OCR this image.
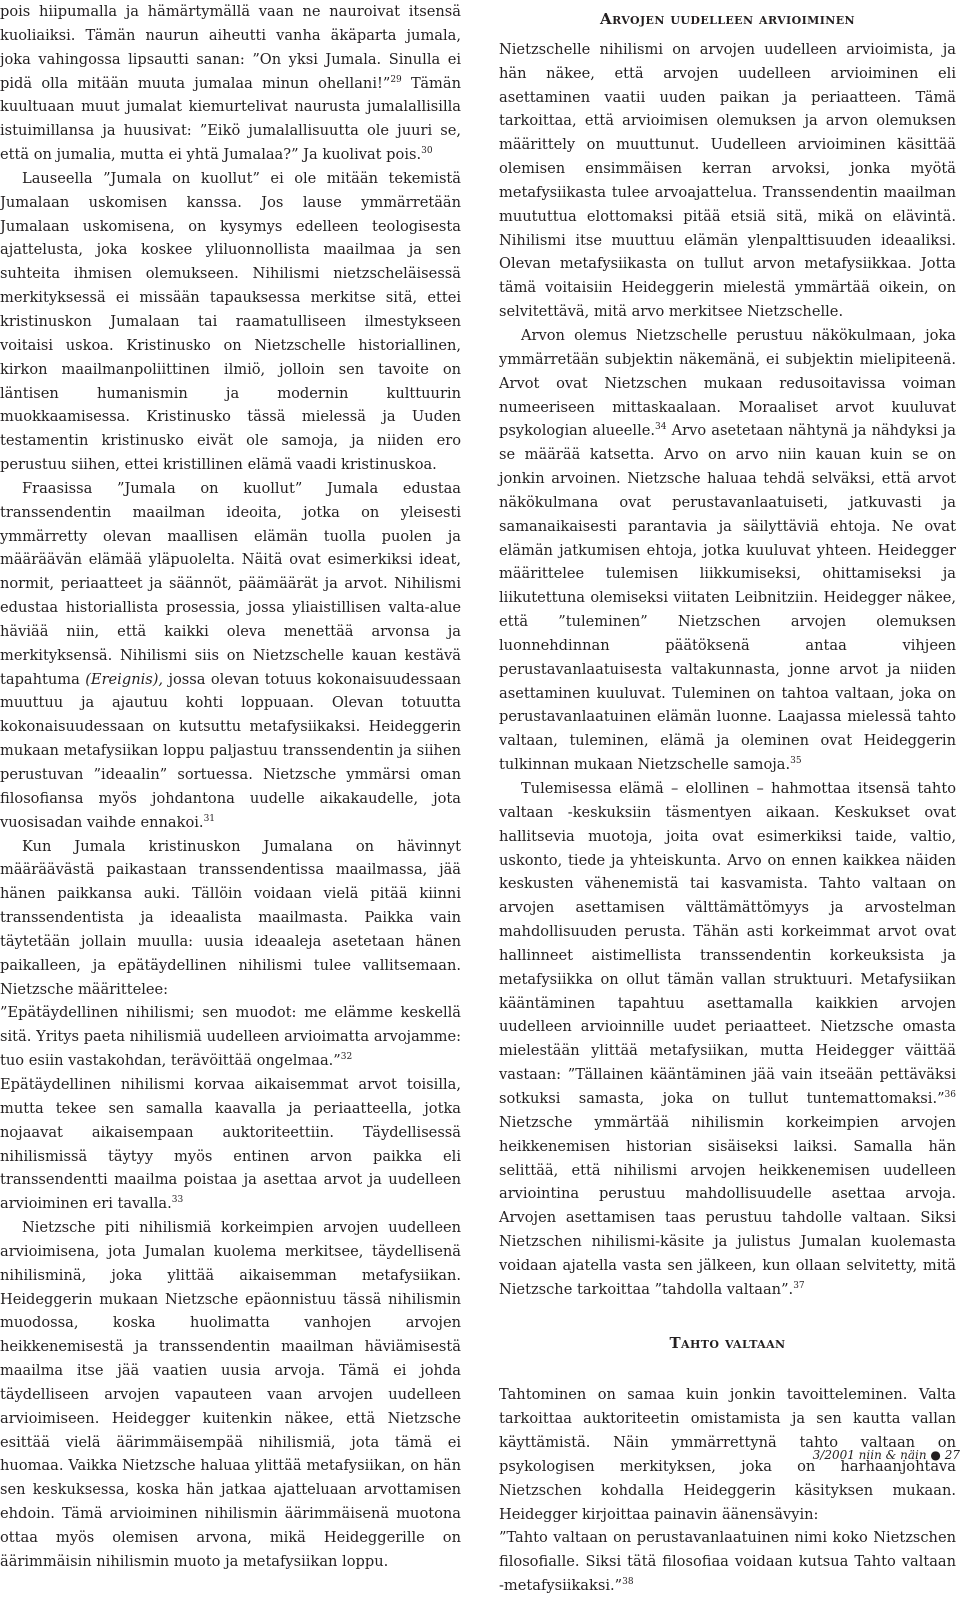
pois hiipumalla ja hämärtymällä vaan ne nauroivat itsensä kuoliaiksi. Tämän naurun aiheutti vanha äkäparta jumala, joka vahingossa lipsautti sanan: ”On yksi Jumala. Sinulla ei pidä olla mitään muuta jumalaa minun ohellani!”$^{29}$ Tämän kuultuaan muut jumalat kiemurtelivat naurusta jumalallisilla istuimillansa ja huusivat: ”Eikö jumalallisuutta ole juuri se, että on jumalia, mutta ei yhtä Jumalaa?” Ja kuolivat pois.$^{30}$

Lauseella ”Jumala on kuollut” ei ole mitään tekemistä Jumalaan uskomisen kanssa. Jos lause ymmärretään Jumalaan uskomisena, on kysymys edelleen teologisesta ajattelusta, joka koskee yliluonnollista maailmaa ja sen suhteita ihmisen olemukseen. Nihilismi nietzscheläisessä merkityksessä ei missään tapauksessa merkitse sitä, ettei kristinuskon Jumalaan tai raamatulliseen ilmestykseen voitaisi uskoa. Kristinusko on Nietzschelle historiallinen, kirkon maailmanpoliittinen ilmiö, jolloin sen tavoite on läntisen humanismin ja modernin kulttuurin muokkaamisessa. Kristinusko tässä mielessä ja Uuden testamentin kristinusko eivät ole samoja, ja niiden ero perustuu siihen, ettei kristillinen elämä vaadi kristinuskoa.

Fraasissa ”Jumala on kuollut” Jumala edustaa transsendentin maailman ideoita, jotka on yleisesti ymmärretty olevan maallisen elämän tuolla puolen ja määräävän elämää yläpuolelta. Näitä ovat esimerkiksi ideat, normit, periaatteet ja säännöt, päämäärät ja arvot. Nihilismi edustaa historiallista prosessia, jossa yliaistillisen valta-alue häviää niin, että kaikki oleva menettää arvonsa ja merkityksensä. Nihilismi siis on Nietzschelle kauan kestävä tapahtuma (Ereignis), jossa olevan totuus kokonaisuudessaan muuttuu ja ajautuu kohti loppuaan. Olevan totuutta kokonaisuudessaan on kutsuttu metafysiikaksi. Heideggerin mukaan metafysiikan loppu paljastuu transsendentin ja siihen perustuvan ”ideaalin” sortuessa. Nietzsche ymmärsi oman filosofiansa myös johdantona uudelle aikakaudelle, jota vuosisadan vaihde ennakoi.$^{31}$

Kun Jumala kristinuskon Jumalana on hävinnyt määräävästä paikastaan transsendentissa maailmassa, jää hänen paikkansa auki. Tällöin voidaan vielä pitää kiinni transsendentista ja ideaalista maailmasta. Paikka vain täytetään jollain muulla: uusia ideaaleja asetetaan hänen paikalleen, ja epätäydellinen nihilismi tulee vallitsemaan. Nietzsche määrittelee:

”Epätäydellinen nihilismi; sen muodot: me elämme keskellä sitä. Yritys paeta nihilismiä uudelleen arvioimatta arvojamme: tuo esiin vastakohdan, terävöittää ongelmaa.”$^{32}$

Epätäydellinen nihilismi korvaa aikaisemmat arvot toisilla, mutta tekee sen samalla kaavalla ja periaatteella, jotka nojaavat aikaisempaan auktoriteettiin. Täydellisessä nihilismissä täytyy myös entinen arvon paikka eli transsendentti maailma poistaa ja asettaa arvot ja uudelleen arvioiminen eri tavalla.$^{33}$

Nietzsche piti nihilismiä korkeimpien arvojen uudelleen arvioimisena, jota Jumalan kuolema merkitsee, täydellisenä nihilisminä, joka ylittää aikaisemman metafysiikan. Heideggerin mukaan Nietzsche epäonnistuu tässä nihilismin muodossa, koska huolimatta vanhojen arvojen heikkenemisestä ja transsendentin maailman häviämisestä maailma itse jää vaatien uusia arvoja. Tämä ei johda täydelliseen arvojen vapauteen vaan arvojen uudelleen arvioimiseen. Heidegger kuitenkin näkee, että Nietzsche esittää vielä äärimmäisempää nihilismiä, jota tämä ei huomaa. Vaikka Nietzsche haluaa ylittää metafysiikan, on hän sen keskuksessa, koska hän jatkaa ajatteluaan arvottamisen ehdoin. Tämä arvioiminen nihilismin äärimmäisenä muotona ottaa myös olemisen arvona, mikä Heideggerille on äärimmäisin nihilismin muoto ja metafysiikan loppu.

Arvojen uudelleen arvioiminen

Nietzschelle nihilismi on arvojen uudelleen arvioimista, ja hän näkee, että arvojen uudelleen arvioiminen eli asettaminen vaatii uuden paikan ja periaatteen. Tämä tarkoittaa, että arvioimisen olemuksen ja arvon olemuksen määrittely on muuttunut. Uudelleen arvioiminen käsittää olemisen ensimmäisen kerran arvoksi, jonka myötä metafysiikasta tulee arvoajattelua. Transsendentin maailman muututtua elottomaksi pitää etsiä sitä, mikä on elävintä. Nihilismi itse muuttuu elämän ylenpalttisuuden ideaaliksi. Olevan metafysiikasta on tullut arvon metafysiikkaa. Jotta tämä voitaisiin Heideggerin mielestä ymmärtää oikein, on selvitettävä, mitä arvo merkitsee Nietzschelle.

Arvon olemus Nietzschelle perustuu näkökulmaan, joka ymmärretään subjektin näkemänä, ei subjektin mielipiteenä. Arvot ovat Nietzschen mukaan redusoitavissa voiman numeeriseen mittaskaalaan. Moraaliset arvot kuuluvat psykologian alueelle.$^{34}$ Arvo asetetaan nähtynä ja nähdyksi ja se määrää katsetta. Arvo on arvo niin kauan kuin se on jonkin arvoinen. Nietzsche haluaa tehdä selväksi, että arvot näkökulmana ovat perustavanlaatuiseti, jatkuvasti ja samanaikaisesti parantavia ja säilyttäviä ehtoja. Ne ovat elämän jatkumisen ehtoja, jotka kuuluvat yhteen. Heidegger määrittelee tulemisen liikkumiseksi, ohittamiseksi ja liikutettuna olemiseksi viitaten Leibnitziin. Heidegger näkee, että ”tuleminen” Nietzschen arvojen olemuksen luonnehdinnan päätöksenä antaa vihjeen perustavanlaatuisesta valtakunnasta, jonne arvot ja niiden asettaminen kuuluvat. Tuleminen on tahtoa valtaan, joka on perustavanlaatuinen elämän luonne. Laajassa mielessä tahto valtaan, tuleminen, elämä ja oleminen ovat Heideggerin tulkinnan mukaan Nietzschelle samoja.$^{35}$

Tulemisessa elämä – elollinen – hahmottaa itsensä tahto valtaan -keskuksiin täsmentyen aikaan. Keskukset ovat hallitsevia muotoja, joita ovat esimerkiksi taide, valtio, uskonto, tiede ja yhteiskunta. Arvo on ennen kaikkea näiden keskusten vähenemistä tai kasvamista. Tahto valtaan on arvojen asettamisen välttämättömyys ja arvostelman mahdollisuuden perusta. Tähän asti korkeimmat arvot ovat hallinneet aistimellista transsendentin korkeuksista ja metafysiikka on ollut tämän vallan struktuuri. Metafysiikan kääntäminen tapahtuu asettamalla kaikkien arvojen uudelleen arvioinnille uudet periaatteet. Nietzsche omasta mielestään ylittää metafysiikan, mutta Heidegger väittää vastaan: ”Tällainen kääntäminen jää vain itseään pettäväksi sotkuksi samasta, joka on tullut tuntemattomaksi.”$^{36}$ Nietzsche ymmärtää nihilismin korkeimpien arvojen heikkenemisen historian sisäiseksi laiksi. Samalla hän selittää, että nihilismi arvojen heikkenemisen uudelleen arviointina perustuu mahdollisuudelle asettaa arvoja. Arvojen asettamisen taas perustuu tahdolle valtaan. Siksi Nietzschen nihilismi-käsite ja julistus Jumalan kuolemasta voidaan ajatella vasta sen jälkeen, kun ollaan selvitetty, mitä Nietzsche tarkoittaa ”tahdolla valtaan”.$^{37}$

Tahto valtaan

Tahtominen on samaa kuin jonkin tavoitteleminen. Valta tarkoittaa auktoriteetin omistamista ja sen kautta vallan käyttämistä. Näin ymmärrettynä tahto valtaan on psykologisen merkityksen, joka on harhaanjohtava Nietzschen kohdalla Heideggerin käsityksen mukaan. Heidegger kirjoittaa painavin äänensävyin:

”Tahto valtaan on perustavanlaatuinen nimi koko Nietzschen filosofialle. Siksi tätä filosofiaa voidaan kutsua Tahto valtaan -metafysiikaksi.”$^{38}$

3/2001 niin & näin ● 27
